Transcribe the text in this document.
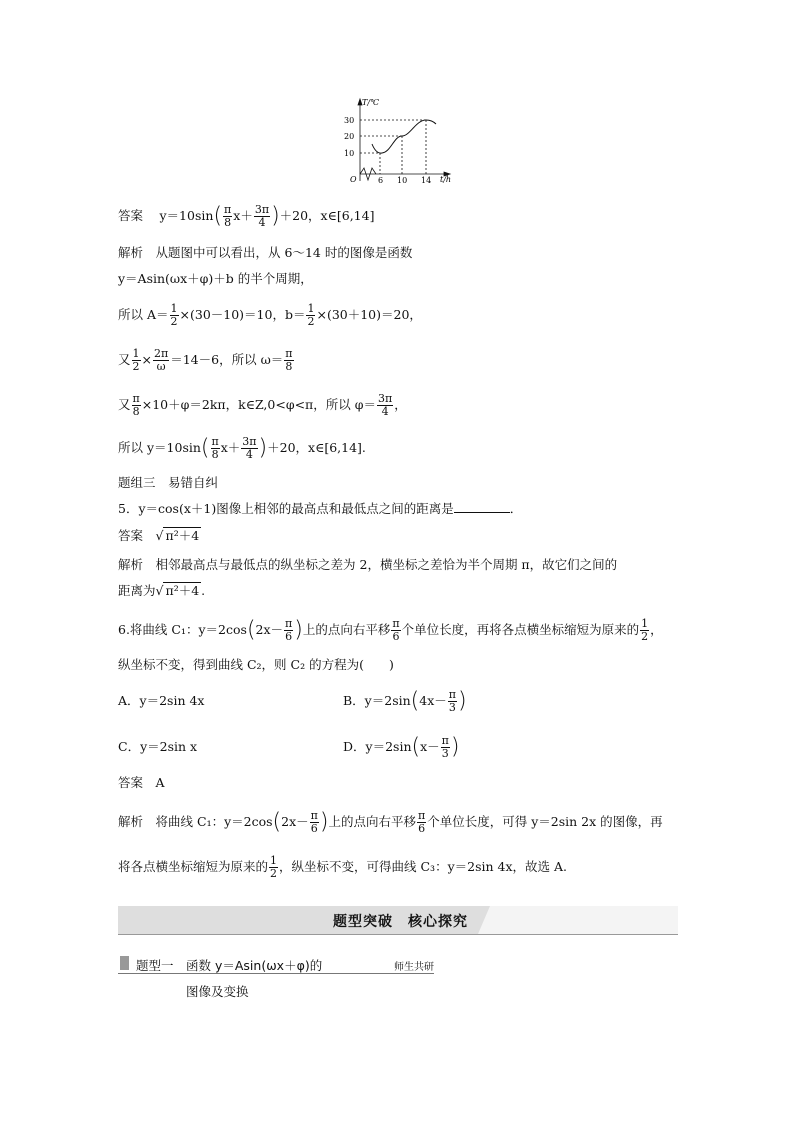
T/℃
t/h
O
30
20
10
6 10 14
答案　 $y=10\sin( \frac{\pi}{8} x+ \frac{3\pi}{4} )+20$，x∈[6,14]
解析　 从题图中可以看出，从 6～14 时的图像是函数
y＝Asin(ωx＋φ)＋b 的半个周期，
所以 $A= \frac{1}{2} \times(30-10)=10$，$b= \frac{1}{2} \times(30+10)=20$，
又 $\frac{1}{2} \times \frac{2\pi}{\omega} =14-6$，所以 $\omega= \frac{\pi}{8}$
又 $\frac{\pi}{8} \times 10+\varphi=2k\pi$，k∈Z,0<φ<π，所以 $\varphi= \frac{3\pi}{4}$ ，
所以 $y=10\sin( \frac{\pi}{8} x+ \frac{3\pi}{4} )+20$，x∈[6,14].
题组三　易错自纠
5．y＝cos(x＋1)图像上相邻的最高点和最低点之间的距离是	．
答案　√ π²＋4
解析　 相邻最高点与最低点的纵坐标之差为 2，横坐标之差恰为半个周期 π，故它们之间的
距离为√ π²＋4 .
6.将曲线 C₁：$y=2\cos(2x- \frac{\pi}{6}$ )上的点向右平移 $\frac{\pi}{6}$ 个单位长度，再将各点横坐标缩短为原来的 $\frac{1}{2}$ ，
纵坐标不变，得到曲线 C₂，则 C₂ 的方程为(　　)
A．y＝2sin 4x	B．$y=2\sin(4x- \frac{\pi}{3}$ )
C．y＝2sin x	D．$y=2\sin(x- \frac{\pi}{3}$ )
答案　 A
解析　 将曲线 C₁：$y=2\cos(2x- \frac{\pi}{6}$ )上的点向右平移 $\frac{\pi}{6}$ 个单位长度，可得 y＝2sin 2x 的图像，再
将各点横坐标缩短为原来的 $\frac{1}{2}$ ，纵坐标不变，可得曲线 C₃：y＝2sin 4x，故选 A.
题型突破　核心探究
题型一　函数 y＝Asin(ωx＋φ)的	师生共研
图像及变换
